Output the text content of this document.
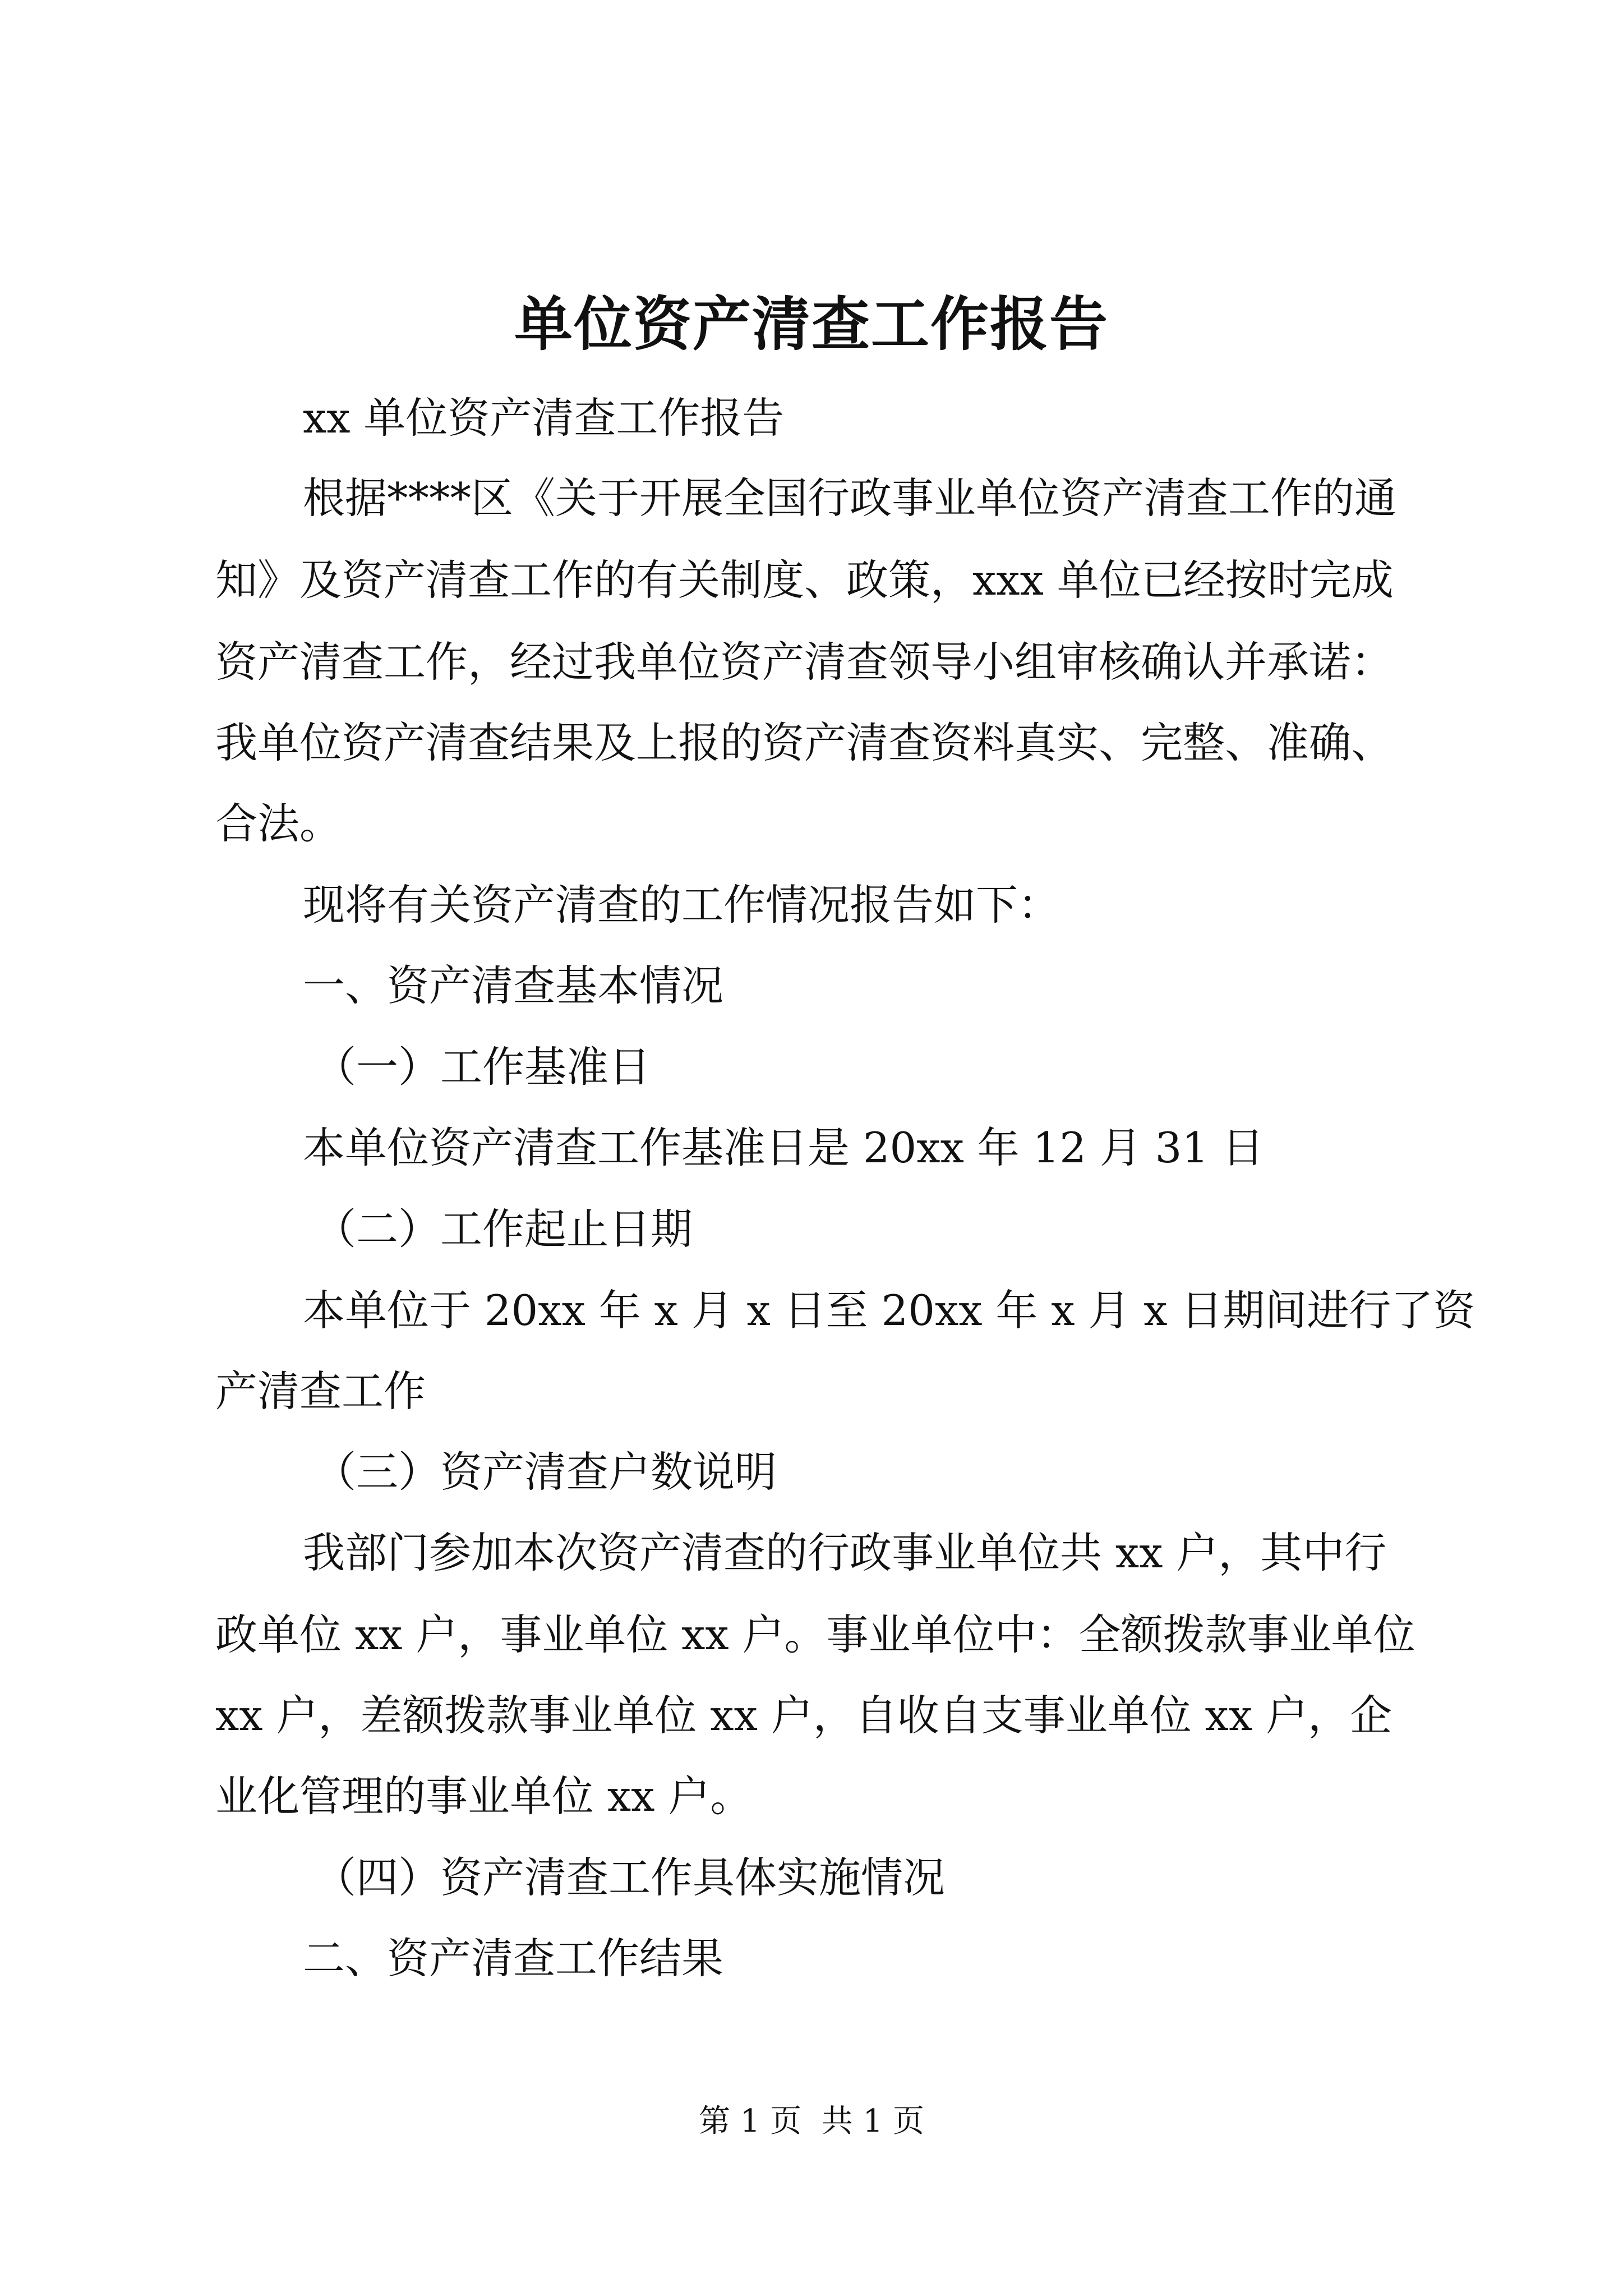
单位资产清查工作报告

xx 单位资产清查工作报告

根据****区《关于开展全国行政事业单位资产清查工作的通

知》及资产清查工作的有关制度、政策，xxx 单位已经按时完成

资产清查工作，经过我单位资产清查领导小组审核确认并承诺：

我单位资产清查结果及上报的资产清查资料真实、完整、准确、

合法。

现将有关资产清查的工作情况报告如下：

一、资产清查基本情况

（一）工作基准日

本单位资产清查工作基准日是 20xx 年 12 月 31 日

（二）工作起止日期

本单位于 20xx 年 x 月 x 日至 20xx 年 x 月 x 日期间进行了资

产清查工作

（三）资产清查户数说明

我部门参加本次资产清查的行政事业单位共 xx 户，其中行

政单位 xx 户，事业单位 xx 户。事业单位中：全额拨款事业单位

xx 户，差额拨款事业单位 xx 户，自收自支事业单位 xx 户，企

业化管理的事业单位 xx 户。

（四）资产清查工作具体实施情况

二、资产清查工作结果

第 1 页  共 1 页
